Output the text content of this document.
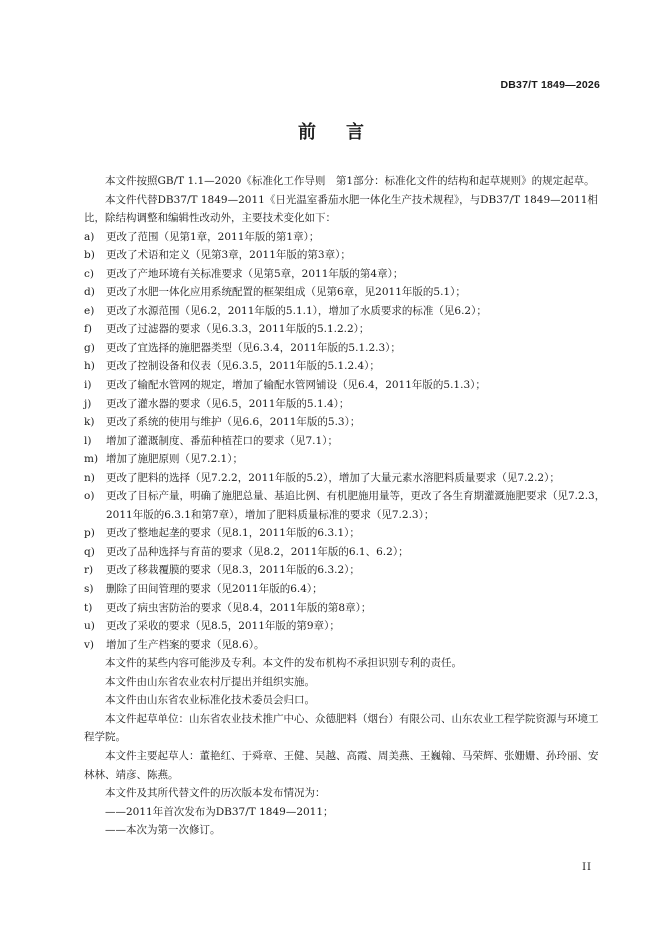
DB37/T 1849—2026
前言

本文件按照GB/T 1.1—2020《标准化工作导则　第1部分：标准化文件的结构和起草规则》的规定起草。

本文件代替DB37/T 1849—2011《日光温室番茄水肥一体化生产技术规程》，与DB37/T 1849—2011相比，除结构调整和编辑性改动外，主要技术变化如下：

a)	更改了范围（见第1章，2011年版的第1章）；
b)	更改了术语和定义（见第3章，2011年版的第3章）；
c)	更改了产地环境有关标准要求（见第5章，2011年版的第4章）；
d)	更改了水肥一体化应用系统配置的框架组成（见第6章，见2011年版的5.1）；
e)	更改了水源范围（见6.2，2011年版的5.1.1），增加了水质要求的标准（见6.2）；
f)	更改了过滤器的要求（见6.3.3，2011年版的5.1.2.2）；
g)	更改了宜选择的施肥器类型（见6.3.4，2011年版的5.1.2.3）；
h)	更改了控制设备和仪表（见6.3.5，2011年版的5.1.2.4）；
i)	更改了输配水管网的规定，增加了输配水管网铺设（见6.4，2011年版的5.1.3）；
j)	更改了灌水器的要求（见6.5，2011年版的5.1.4）；
k)	更改了系统的使用与维护（见6.6，2011年版的5.3）；
l)	增加了灌溉制度、番茄种植茬口的要求（见7.1）；
m) 增加了施肥原则（见7.2.1）；
n)	更改了肥料的选择（见7.2.2，2011年版的5.2），增加了大量元素水溶肥料质量要求（见7.2.2）；
o)	更改了目标产量，明确了施肥总量、基追比例、有机肥施用量等，更改了各生育期灌溉施肥要求（见7.2.3，2011年版的6.3.1和第7章），增加了肥料质量标准的要求（见7.2.3）；
p)	更改了整地起垄的要求（见8.1，2011年版的6.3.1）；
q)	更改了品种选择与育苗的要求（见8.2，2011年版的6.1、6.2）；
r)	更改了移栽覆膜的要求（见8.3，2011年版的6.3.2）；
s)	删除了田间管理的要求（见2011年版的6.4）；
t)	更改了病虫害防治的要求（见8.4，2011年版的第8章）；
u)	更改了采收的要求（见8.5，2011年版的第9章）；
v)	增加了生产档案的要求（见8.6）。

本文件的某些内容可能涉及专利。本文件的发布机构不承担识别专利的责任。

本文件由山东省农业农村厅提出并组织实施。

本文件由山东省农业标准化技术委员会归口。

本文件起草单位：山东省农业技术推广中心、众德肥料（烟台）有限公司、山东农业工程学院资源与环境工程学院。

本文件主要起草人：董艳红、于舜章、王健、吴越、高霞、周美燕、王巍翰、马荣辉、张姗姗、孙玲丽、安林林、靖彦、陈燕。

本文件及其所代替文件的历次版本发布情况为：

——2011年首次发布为DB37/T 1849—2011；

——本次为第一次修订。

II
